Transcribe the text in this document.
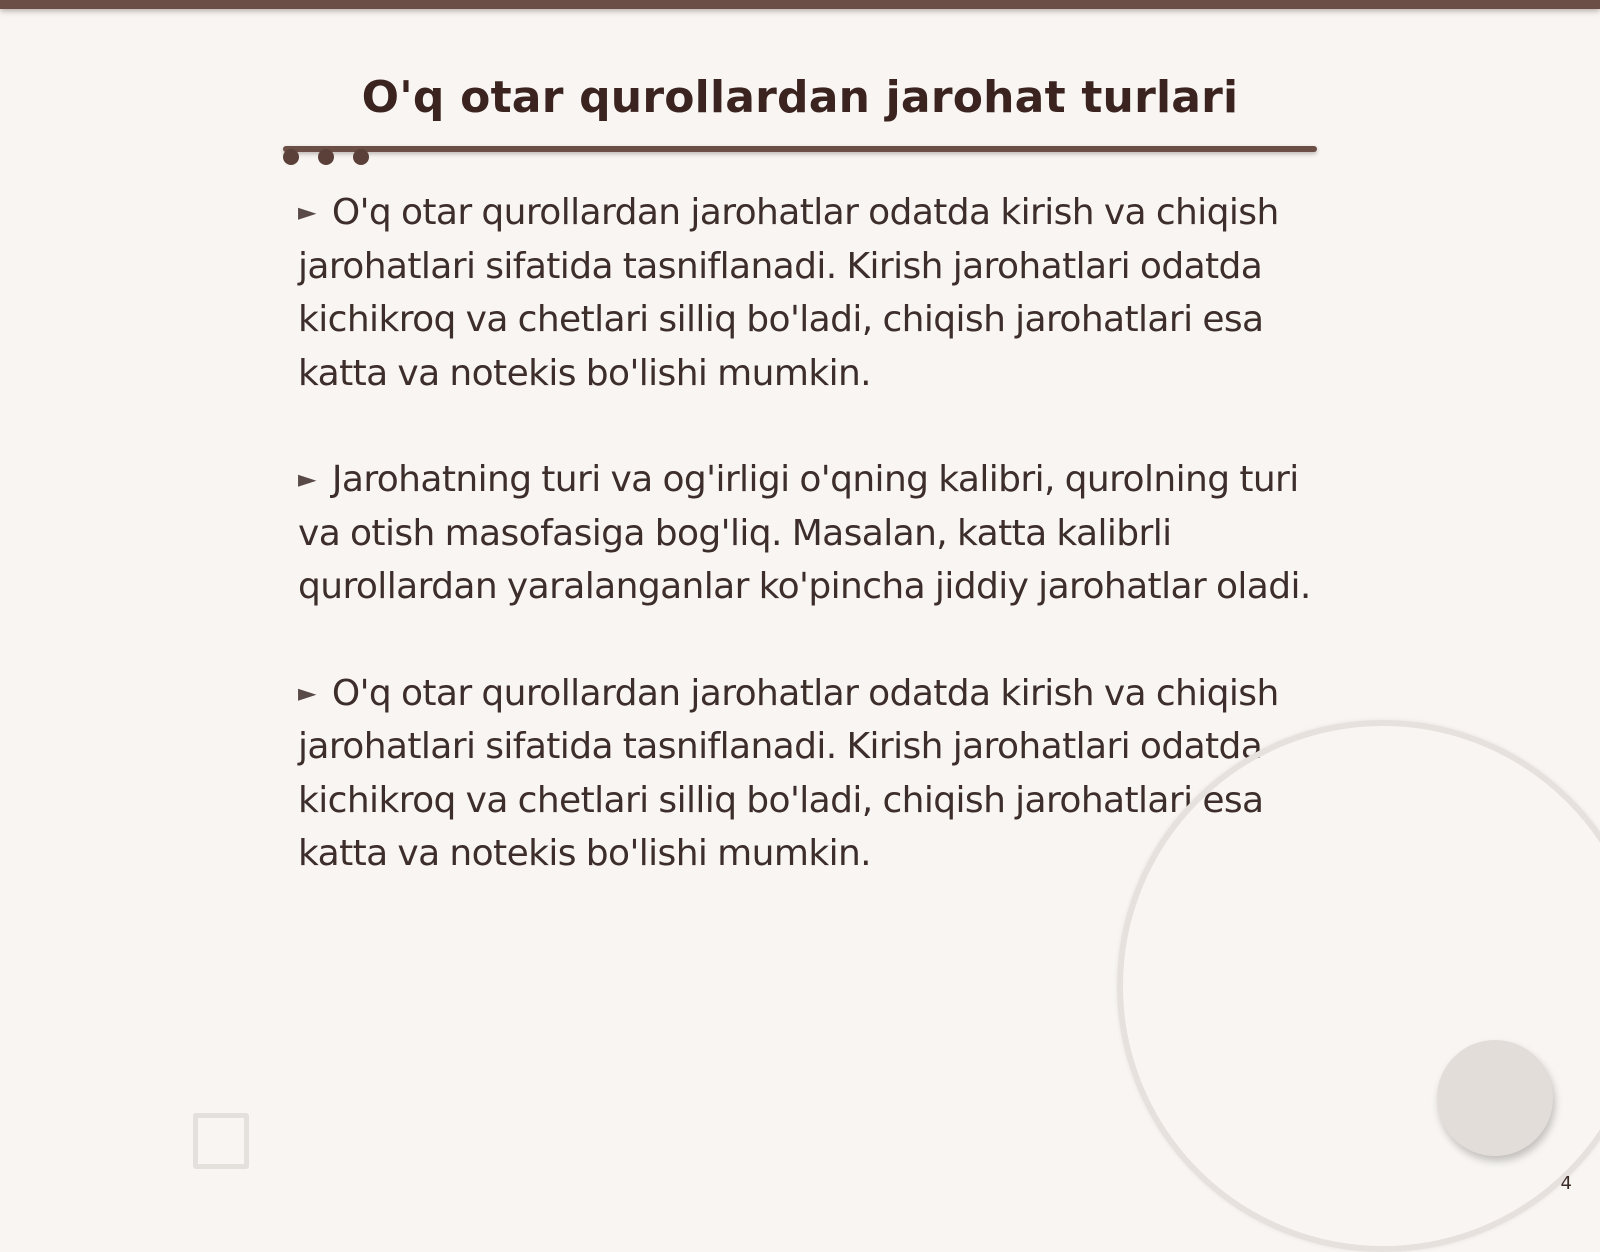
O'q otar qurollardan jarohat turlari

► O'q otar qurollardan jarohatlar odatda kirish va chiqish jarohatlari sifatida tasniflanadi. Kirish jarohatlari odatda kichikroq va chetlari silliq bo'ladi, chiqish jarohatlari esa katta va notekis bo'lishi mumkin.

► Jarohatning turi va og'irligi o'qning kalibri, qurolning turi va otish masofasiga bog'liq. Masalan, katta kalibrli qurollardan yaralanganlar ko'pincha jiddiy jarohatlar oladi.

► O'q otar qurollardan jarohatlar odatda kirish va chiqish jarohatlari sifatida tasniflanadi. Kirish jarohatlari odatda kichikroq va chetlari silliq bo'ladi, chiqish jarohatlari esa katta va notekis bo'lishi mumkin.

4
